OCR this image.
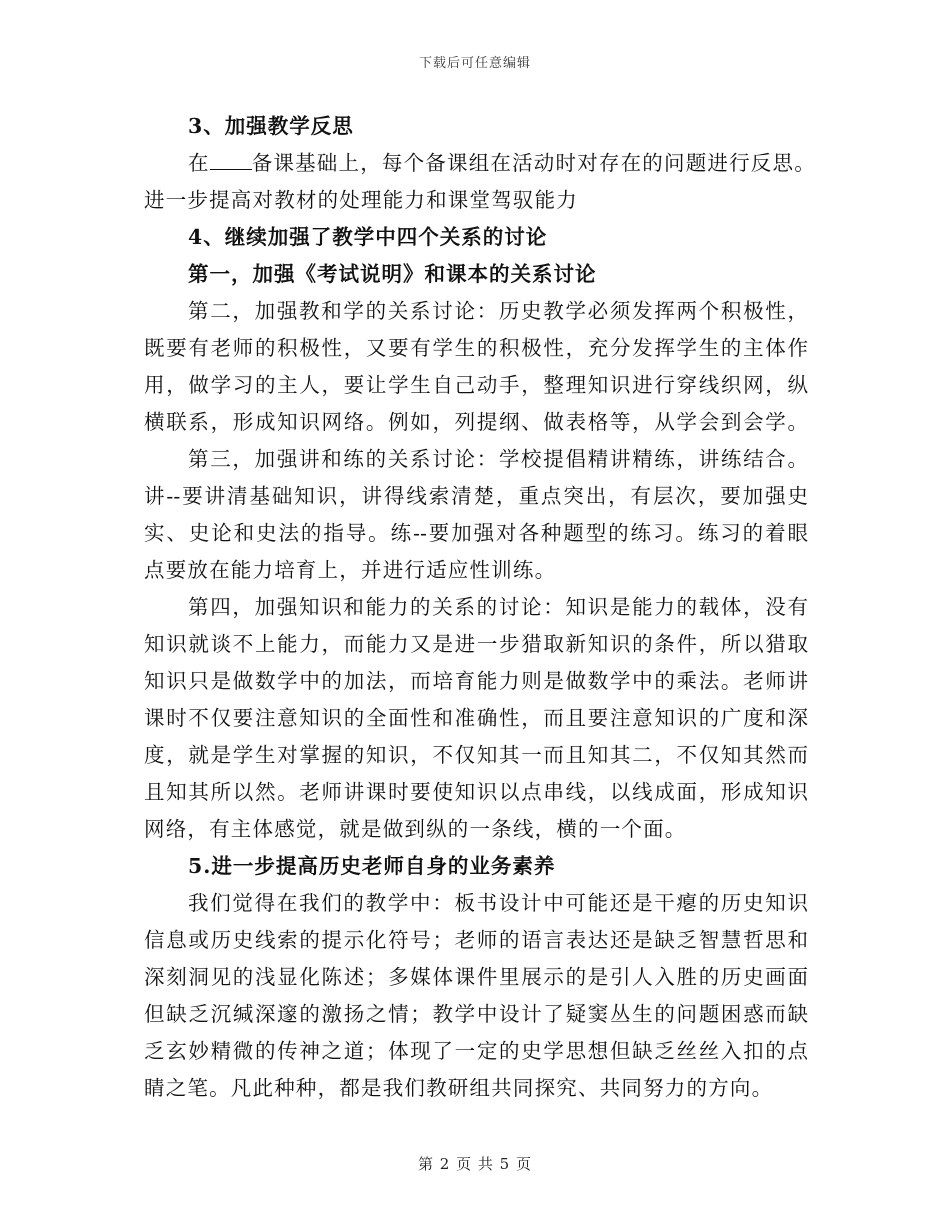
下载后可任意编辑
3、加强教学反思
在 备课基础上，每个备课组在活动时对存在的问题进行反思。
进一步提高对教材的处理能力和课堂驾驭能力
4、继续加强了教学中四个关系的讨论
第一，加强《考试说明》和课本的关系讨论
第二，加强教和学的关系讨论：历史教学必须发挥两个积极性，
既要有老师的积极性，又要有学生的积极性，充分发挥学生的主体作
用，做学习的主人，要让学生自己动手，整理知识进行穿线织网，纵
横联系，形成知识网络。例如，列提纲、做表格等，从学会到会学。
第三，加强讲和练的关系讨论：学校提倡精讲精练，讲练结合。
讲--要讲清基础知识，讲得线索清楚，重点突出，有层次，要加强史
实、史论和史法的指导。练--要加强对各种题型的练习。练习的着眼
点要放在能力培育上，并进行适应性训练。
第四，加强知识和能力的关系的讨论：知识是能力的载体，没有
知识就谈不上能力，而能力又是进一步猎取新知识的条件，所以猎取
知识只是做数学中的加法，而培育能力则是做数学中的乘法。老师讲
课时不仅要注意知识的全面性和准确性，而且要注意知识的广度和深
度，就是学生对掌握的知识，不仅知其一而且知其二，不仅知其然而
且知其所以然。老师讲课时要使知识以点串线，以线成面，形成知识
网络，有主体感觉，就是做到纵的一条线，横的一个面。
5.进一步提高历史老师自身的业务素养
我们觉得在我们的教学中：板书设计中可能还是干瘪的历史知识
信息或历史线索的提示化符号；老师的语言表达还是缺乏智慧哲思和
深刻洞见的浅显化陈述；多媒体课件里展示的是引人入胜的历史画面
但缺乏沉缄深邃的激扬之情；教学中设计了疑窦丛生的问题困惑而缺
乏玄妙精微的传神之道；体现了一定的史学思想但缺乏丝丝入扣的点
睛之笔。凡此种种，都是我们教研组共同探究、共同努力的方向。
第 2 页 共 5 页
